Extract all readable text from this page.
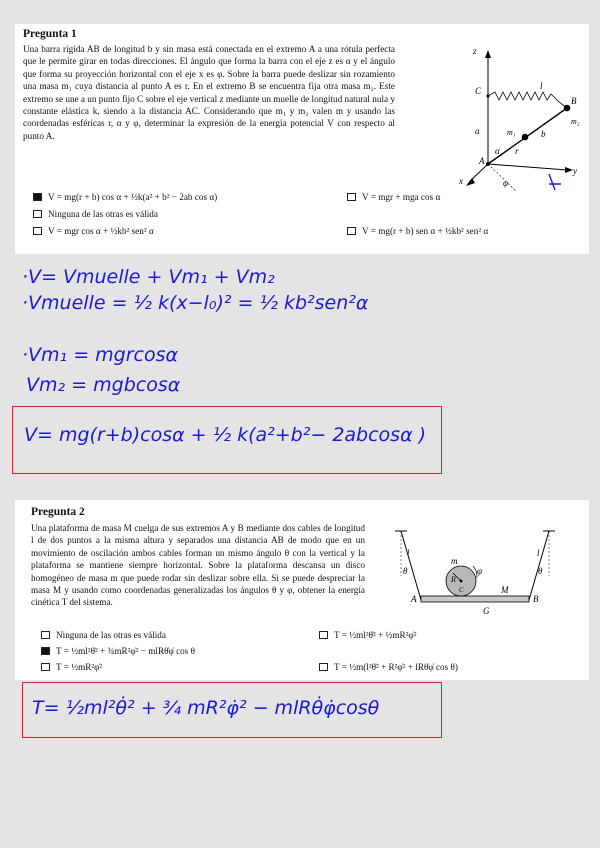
Pregunta 1
Una barra rígida AB de longitud b y sin masa está conectada en el extremo A a una rótula perfecta que le permite girar en todas direcciones. El ángulo que forma la barra con el eje z es α y el ángulo que forma su proyección horizontal con el eje x es φ. Sobre la barra puede deslizar sin rozamiento una masa m₁ cuya distancia al punto A es r. En el extremo B se encuentra fija otra masa m₂. Este extremo se une a un punto fijo C sobre el eje vertical z mediante un muelle de longitud natural nula y constante elástica k, siendo a la distancia AC. Considerando que m₁ y m₂ valen m y usando las coordenadas esféricas r, α y φ, determinar la expresión de la energía potencial V con respecto al punto A.
z
C	l
B
m₂
a	m₁	b
α r
A
x	φ
y
V = mg(r + b) cos α + ½k(a² + b² − 2ab cos α)	V = mgr + mga cos α
Ninguna de las otras es válida
V = mgr cos α + ½kb² sen² α	V = mg(r + b) sen α + ½kb² sen² α
·V= Vmuelle + Vm₁ + Vm₂
·Vmuelle = ½ k(x−l₀)² = ½ kb²sen²α
·Vm₁ = mgrcosα
Vm₂ = mgbcosα
V= mg(r+b)cosα + ½ k(a²+b²− 2abcosα )
Pregunta 2
Una plataforma de masa M cuelga de sus extremos A y B mediante dos cables de longitud l de dos puntos a la misma altura y separados una distancia AB de modo que en un movimiento de oscilación ambos cables forman un mismo ángulo θ con la vertical y la plataforma se mantiene siempre horizontal. Sobre la plataforma descansa un disco homogéneo de masa m que puede rodar sin deslizar sobre ella. Si se puede despreciar la masa M y usando como coordenadas generalizadas los ángulos θ y φ, obtener la energía cinética T del sistema.
l	l
θ	θ
m
R
φ
C	M
A	B
G
Ninguna de las otras es válida	T = ½ml²θ̇² + ½mR²φ̇²
T = ½ml²θ̇² + ¾mR²φ̇² − mlRθ̇φ̇ cos θ
T = ½mR²φ̇²	T = ½m(l²θ̇² + R²φ̇² + lRθ̇φ̇ cos θ)
T= ½ml²θ̇² + ¾ mR²φ̇² − mlRθ̇φ̇cosθ
